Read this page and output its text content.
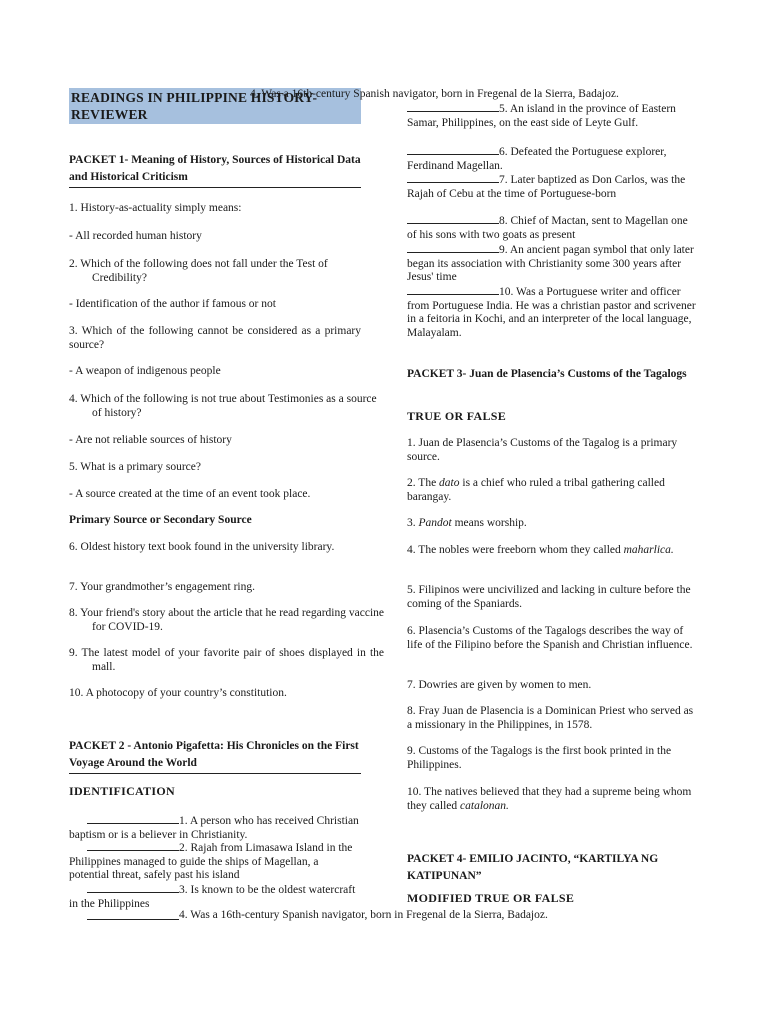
READINGS IN PHILIPPINE HISTORY-REVIEWER
PACKET 1- Meaning of History, Sources of Historical Data and Historical Criticism
1. History-as-actuality simply means:
- All recorded human history
2. Which of the following does not fall under the Test of Credibility?
- Identification of the author if famous or not
3. Which of the following cannot be considered as a primary source?
- A weapon of indigenous people
4. Which of the following is not true about Testimonies as a source of history?
- Are not reliable sources of history
5. What is a primary source?
- A source created at the time of an event took place.
Primary Source or Secondary Source
6. Oldest history text book found in the university library.
7. Your grandmother’s engagement ring.
8. Your friend's story about the article that he read regarding vaccine for COVID-19.
9. The latest model of your favorite pair of shoes displayed in the mall.
10. A photocopy of your country’s constitution.
PACKET 2 - Antonio Pigafetta: His Chronicles on the First Voyage Around the World
IDENTIFICATION
1. A person who has received Christian baptism or is a believer in Christianity.
2. Rajah from Limasawa Island in the Philippines managed to guide the ships of Magellan, a potential threat, safely past his island
3. Is known to be the oldest watercraft in the Philippines
4. Was a 16th-century Spanish navigator, born in Fregenal de la Sierra, Badajoz.
4. Was a 16th-century Spanish navigator, born in Fregenal de la Sierra, Badajoz.
5. An island in the province of Eastern Samar, Philippines, on the east side of Leyte Gulf.
6. Defeated the Portuguese explorer, Ferdinand Magellan.
7. Later baptized as Don Carlos, was the Rajah of Cebu at the time of Portuguese-born
8. Chief of Mactan, sent to Magellan one of his sons with two goats as present
9. An ancient pagan symbol that only later began its association with Christianity some 300 years after Jesus' time
10. Was a Portuguese writer and officer from Portuguese India. He was a christian pastor and scrivener in a feitoria in Kochi, and an interpreter of the local language, Malayalam.
PACKET 3- Juan de Plasencia’s Customs of the Tagalogs
TRUE OR FALSE
1. Juan de Plasencia’s Customs of the Tagalog is a primary source.
2. The dato is a chief who ruled a tribal gathering called barangay.
3. Pandot means worship.
4. The nobles were freeborn whom they called maharlica.
5. Filipinos were uncivilized and lacking in culture before the coming of the Spaniards.
6. Plasencia’s Customs of the Tagalogs describes the way of life of the Filipino before the Spanish and Christian influence.
7. Dowries are given by women to men.
8. Fray Juan de Plasencia is a Dominican Priest who served as a missionary in the Philippines, in 1578.
9. Customs of the Tagalogs is the first book printed in the Philippines.
10. The natives believed that they had a supreme being whom they called catalonan.
PACKET 4- EMILIO JACINTO, “KARTILYA NG KATIPUNAN”
MODIFIED TRUE OR FALSE
